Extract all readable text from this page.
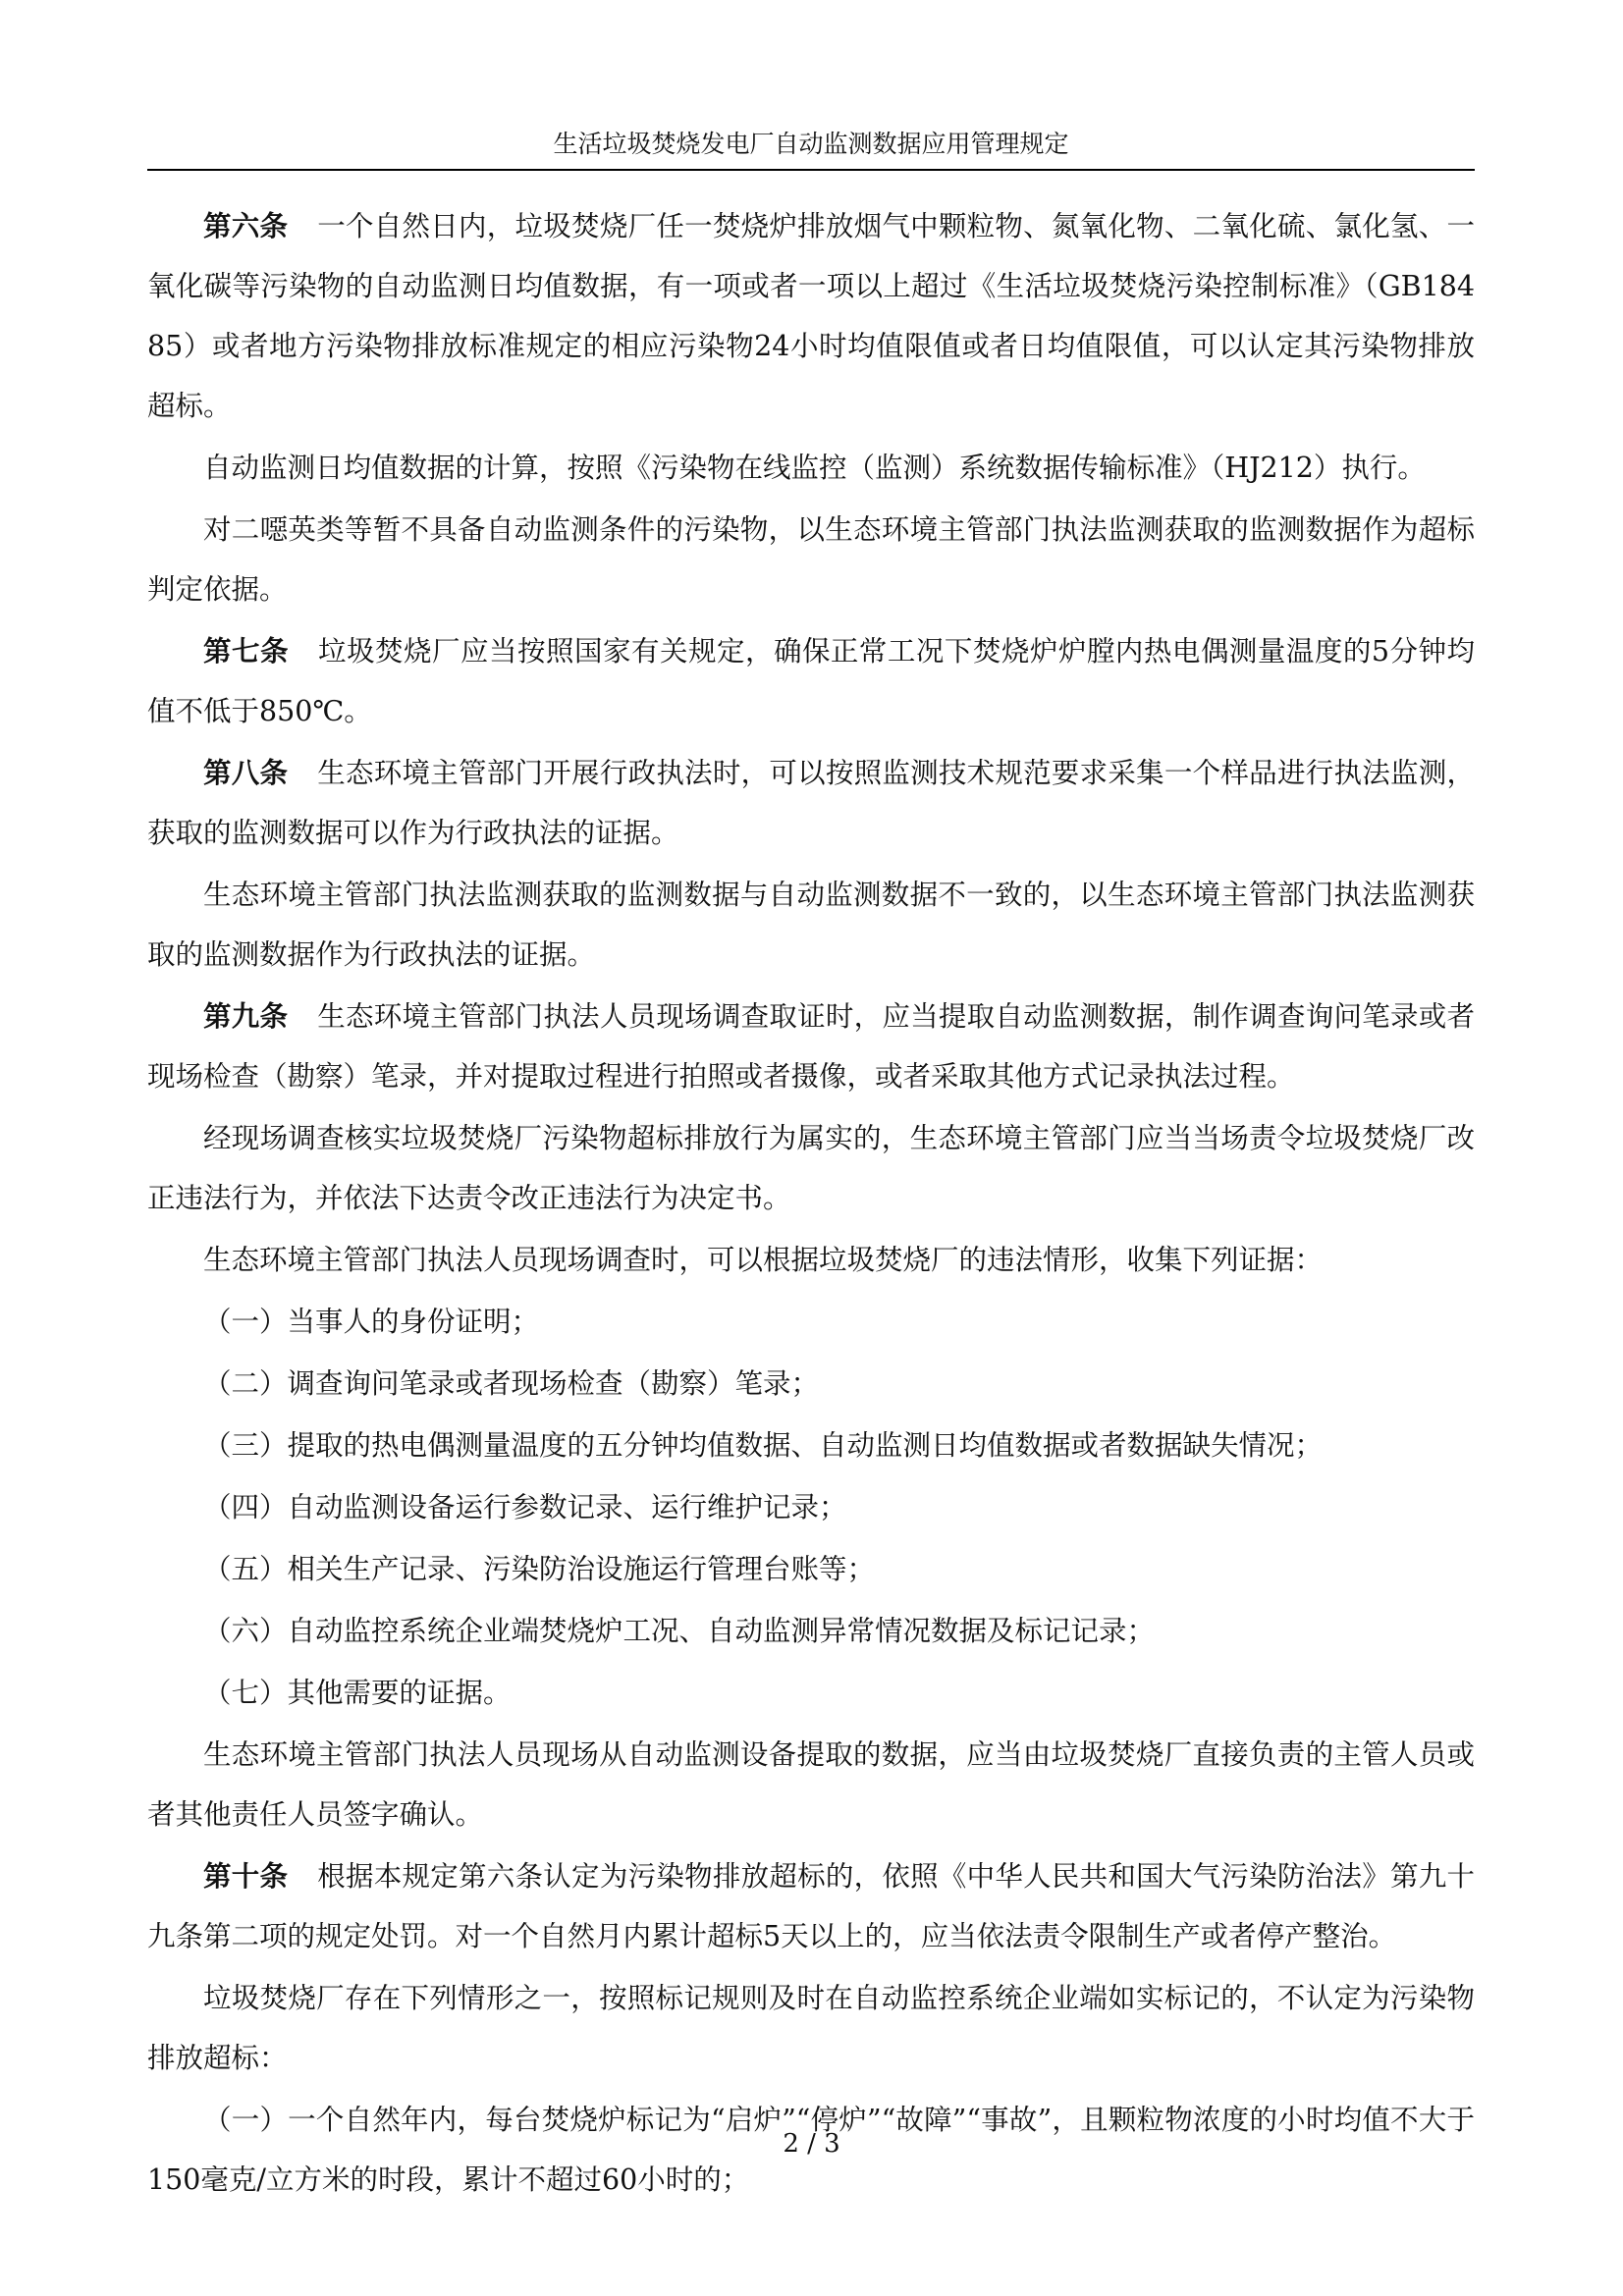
生活垃圾焚烧发电厂自动监测数据应用管理规定

第六条 一个自然日内，垃圾焚烧厂任一焚烧炉排放烟气中颗粒物、氮氧化物、二氧化硫、氯化氢、一氧化碳等污染物的自动监测日均值数据，有一项或者一项以上超过《生活垃圾焚烧污染控制标准》（GB18485）或者地方污染物排放标准规定的相应污染物24小时均值限值或者日均值限值，可以认定其污染物排放超标。

自动监测日均值数据的计算，按照《污染物在线监控（监测）系统数据传输标准》（HJ212）执行。

对二噁英类等暂不具备自动监测条件的污染物，以生态环境主管部门执法监测获取的监测数据作为超标判定依据。

第七条 垃圾焚烧厂应当按照国家有关规定，确保正常工况下焚烧炉炉膛内热电偶测量温度的5分钟均值不低于850℃。

第八条 生态环境主管部门开展行政执法时，可以按照监测技术规范要求采集一个样品进行执法监测，获取的监测数据可以作为行政执法的证据。

生态环境主管部门执法监测获取的监测数据与自动监测数据不一致的，以生态环境主管部门执法监测获取的监测数据作为行政执法的证据。

第九条 生态环境主管部门执法人员现场调查取证时，应当提取自动监测数据，制作调查询问笔录或者现场检查（勘察）笔录，并对提取过程进行拍照或者摄像，或者采取其他方式记录执法过程。

经现场调查核实垃圾焚烧厂污染物超标排放行为属实的，生态环境主管部门应当当场责令垃圾焚烧厂改正违法行为，并依法下达责令改正违法行为决定书。

生态环境主管部门执法人员现场调查时，可以根据垃圾焚烧厂的违法情形，收集下列证据：

（一）当事人的身份证明；

（二）调查询问笔录或者现场检查（勘察）笔录；

（三）提取的热电偶测量温度的五分钟均值数据、自动监测日均值数据或者数据缺失情况；

（四）自动监测设备运行参数记录、运行维护记录；

（五）相关生产记录、污染防治设施运行管理台账等；

（六）自动监控系统企业端焚烧炉工况、自动监测异常情况数据及标记记录；

（七）其他需要的证据。

生态环境主管部门执法人员现场从自动监测设备提取的数据，应当由垃圾焚烧厂直接负责的主管人员或者其他责任人员签字确认。

第十条 根据本规定第六条认定为污染物排放超标的，依照《中华人民共和国大气污染防治法》第九十九条第二项的规定处罚。对一个自然月内累计超标5天以上的，应当依法责令限制生产或者停产整治。

垃圾焚烧厂存在下列情形之一，按照标记规则及时在自动监控系统企业端如实标记的，不认定为污染物排放超标：

（一）一个自然年内，每台焚烧炉标记为“启炉”“停炉”“故障”“事故”，且颗粒物浓度的小时均值不大于150毫克/立方米的时段，累计不超过60小时的；

2 / 3
